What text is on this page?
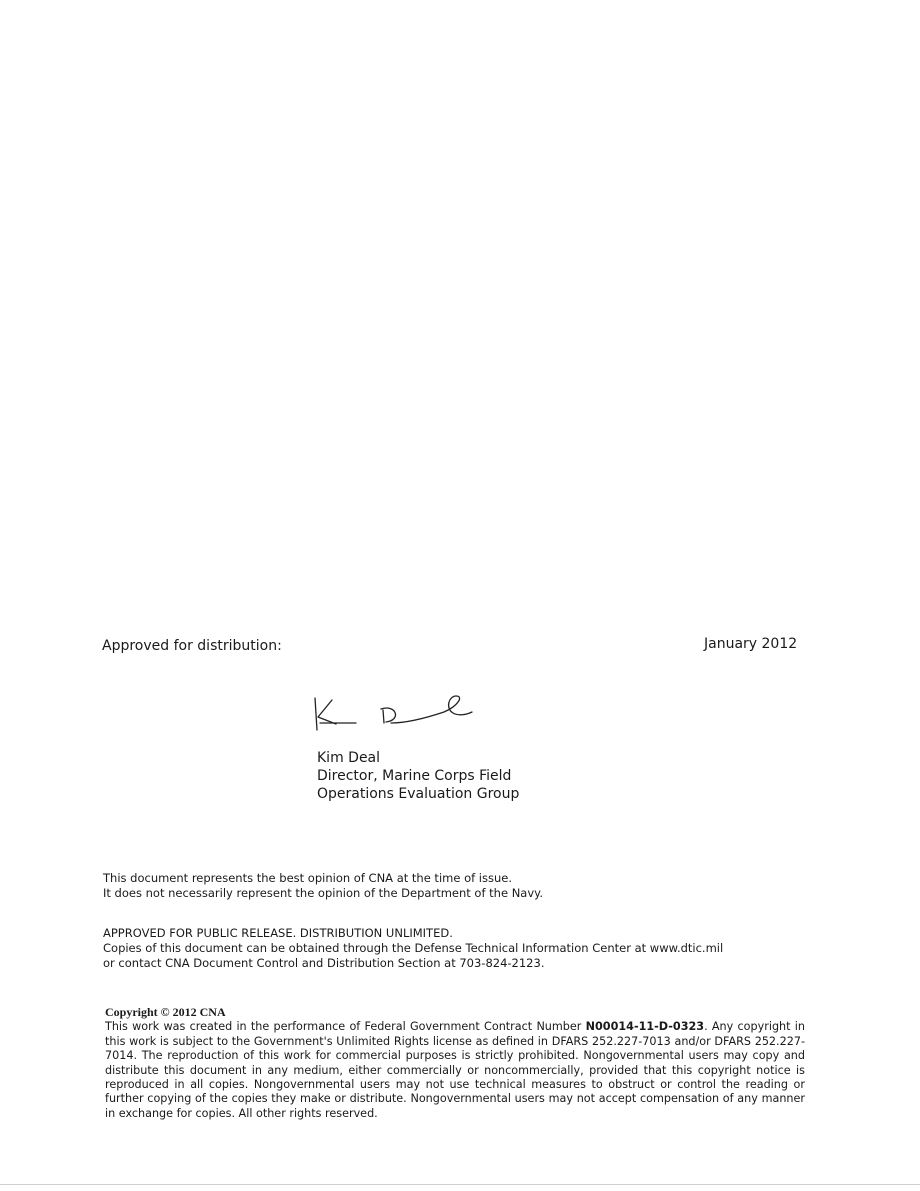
Approved for distribution:	January 2012
Kim Deal
Director, Marine Corps Field
Operations Evaluation Group
This document represents the best opinion of CNA at the time of issue.
It does not necessarily represent the opinion of the Department of the Navy.
APPROVED FOR PUBLIC RELEASE. DISTRIBUTION UNLIMITED.
Copies of this document can be obtained through the Defense Technical Information Center at www.dtic.mil
or contact CNA Document Control and Distribution Section at 703-824-2123.
Copyright © 2012 CNA
This work was created in the performance of Federal Government Contract Number N00014-11-D-0323. Any copyright in this work is subject to the Government's Unlimited Rights license as defined in DFARS 252.227-7013 and/or DFARS 252.227-7014. The reproduction of this work for commercial purposes is strictly prohibited. Nongovernmental users may copy and distribute this document in any medium, either commercially or noncommercially, provided that this copyright notice is reproduced in all copies. Nongovernmental users may not use technical measures to obstruct or control the reading or further copying of the copies they make or distribute. Nongovernmental users may not accept compensation of any manner in exchange for copies. All other rights reserved.
